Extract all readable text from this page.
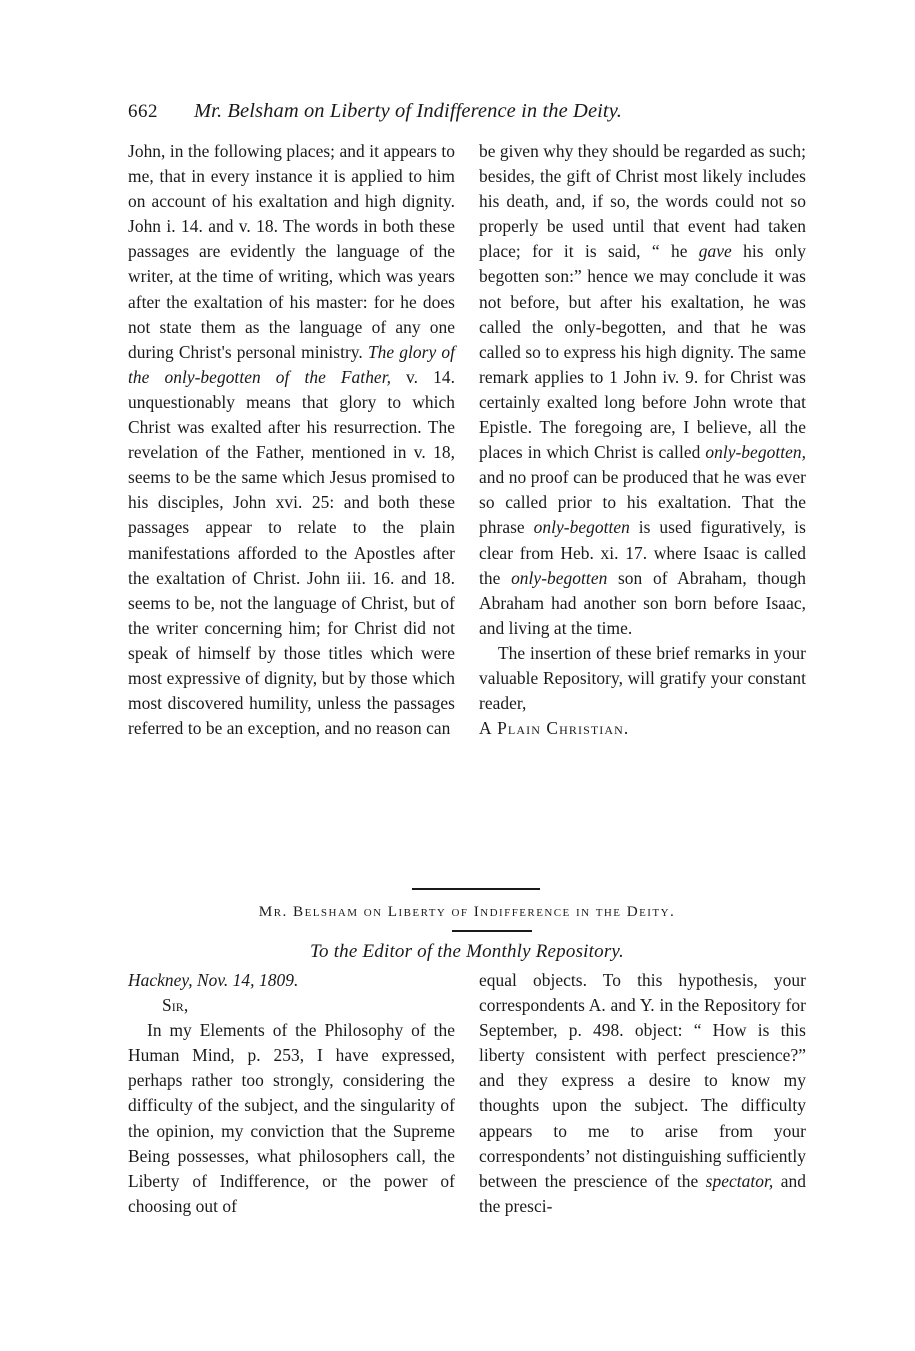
662 Mr. Belsham on Liberty of Indifference in the Deity.

John, in the following places; and it appears to me, that in every instance it is applied to him on account of his exaltation and high dignity. John i. 14. and v. 18. The words in both these passages are evidently the language of the writer, at the time of writing, which was years after the exaltation of his master: for he does not state them as the language of any one during Christ's personal ministry. The glory of the only-begotten of the Father, v. 14. unquestionably means that glory to which Christ was exalted after his resurrection. The revelation of the Father, mentioned in v. 18, seems to be the same which Jesus promised to his disciples, John xvi. 25: and both these passages appear to relate to the plain manifestations afforded to the Apostles after the exaltation of Christ. John iii. 16. and 18. seems to be, not the language of Christ, but of the writer concerning him; for Christ did not speak of himself by those titles which were most expressive of dignity, but by those which most discovered humility, unless the passages referred to be an exception, and no reason can

be given why they should be regarded as such; besides, the gift of Christ most likely includes his death, and, if so, the words could not so properly be used until that event had taken place; for it is said, “ he gave his only begotten son:” hence we may conclude it was not before, but after his exaltation, he was called the only-begotten, and that he was called so to express his high dignity. The same remark applies to 1 John iv. 9. for Christ was certainly exalted long before John wrote that Epistle. The foregoing are, I believe, all the places in which Christ is called only-begotten, and no proof can be produced that he was ever so called prior to his exaltation. That the phrase only-begotten is used figuratively, is clear from Heb. xi. 17. where Isaac is called the only-begotten son of Abraham, though Abraham had another son born before Isaac, and living at the time.

The insertion of these brief remarks in your valuable Repository, will gratify your constant reader,

A Plain Christian.

Mr. Belsham on Liberty of Indifference in the Deity.
To the Editor of the Monthly Repository.

Hackney, Nov. 14, 1809.

Sir,

In my Elements of the Philosophy of the Human Mind, p. 253, I have expressed, perhaps rather too strongly, considering the difficulty of the subject, and the singularity of the opinion, my conviction that the Supreme Being possesses, what philosophers call, the Liberty of Indifference, or the power of choosing out of

equal objects. To this hypothesis, your correspondents A. and Y. in the Repository for September, p. 498. object: “ How is this liberty consistent with perfect prescience?” and they express a desire to know my thoughts upon the subject. The difficulty appears to me to arise from your correspondents’ not distinguishing sufficiently between the prescience of the spectator, and the presci-
